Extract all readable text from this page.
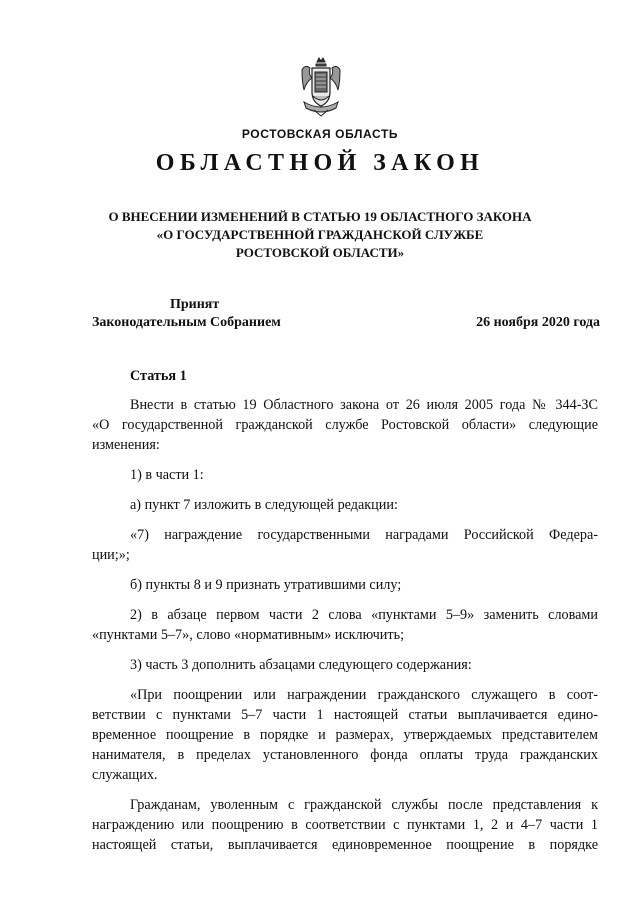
РОСТОВСКАЯ ОБЛАСТЬ
ОБЛАСТНОЙ ЗАКОН
О ВНЕСЕНИИ ИЗМЕНЕНИЙ В СТАТЬЮ 19 ОБЛАСТНОГО ЗАКОНА
«О ГОСУДАРСТВЕННОЙ ГРАЖДАНСКОЙ СЛУЖБЕ
РОСТОВСКОЙ ОБЛАСТИ»
Принят
Законодательным Собранием	26 ноября 2020 года
Статья 1
Внести в статью 19 Областного закона от 26 июля 2005 года № 344-ЗС
«О государственной гражданской службе Ростовской области» следующие
изменения:
1) в части 1:
а) пункт 7 изложить в следующей редакции:
«7) награждение государственными наградами Российской Федера-
ции;»;
б) пункты 8 и 9 признать утратившими силу;
2) в абзаце первом части 2 слова «пунктами 5–9» заменить словами
«пунктами 5–7», слово «нормативным» исключить;
3) часть 3 дополнить абзацами следующего содержания:
«При поощрении или награждении гражданского служащего в соот-
ветствии с пунктами 5–7 части 1 настоящей статьи выплачивается едино-
временное поощрение в порядке и размерах, утверждаемых представителем
нанимателя, в пределах установленного фонда оплаты труда гражданских
служащих.
Гражданам, уволенным с гражданской службы после представления к
награждению или поощрению в соответствии с пунктами 1, 2 и 4–7 части 1
настоящей статьи, выплачивается единовременное поощрение в порядке
